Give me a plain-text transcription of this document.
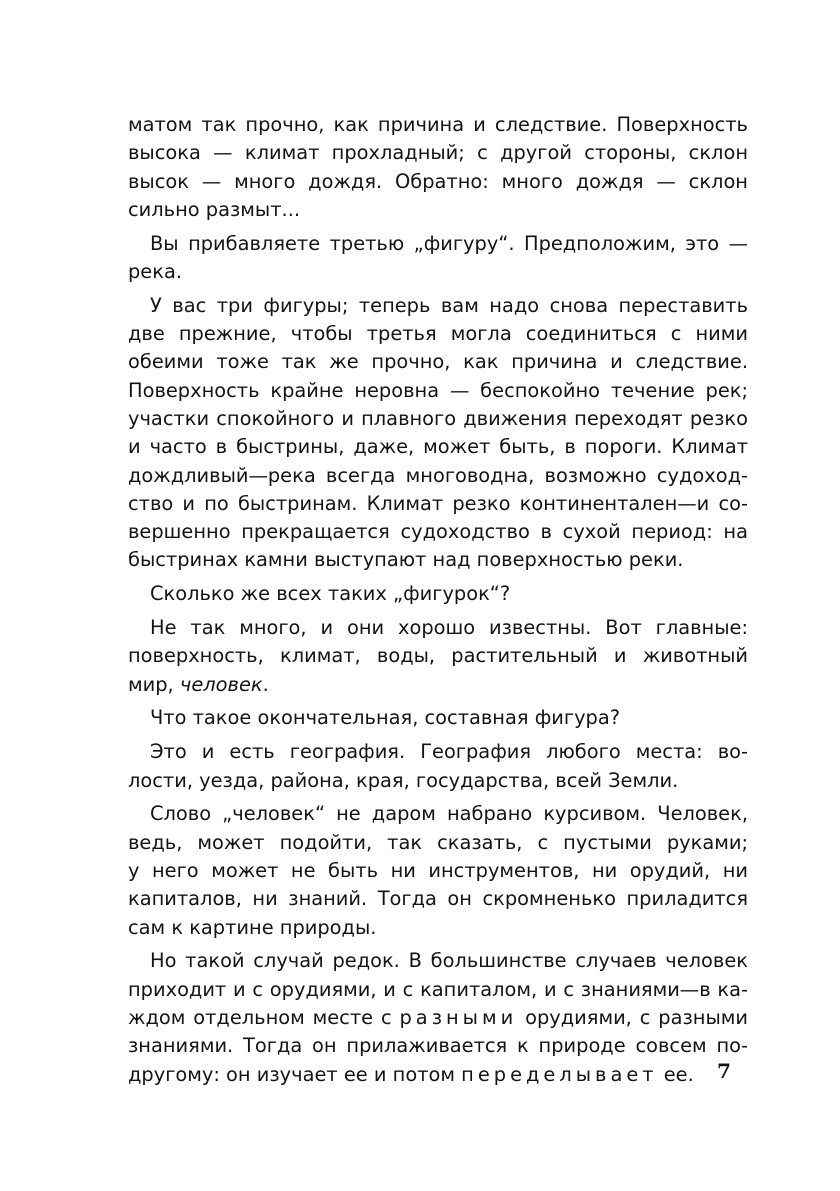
матом так прочно, как причина и следствие. Поверхность
высока — климат прохладный; с другой стороны, склон
высок — много дождя. Обратно: много дождя — склон
сильно размыт...
Вы прибавляете третью „фигуру“. Предположим, это —
река.
У вас три фигуры; теперь вам надо снова переставить
две прежние, чтобы третья могла соединиться с ними
обеими тоже так же прочно, как причина и следствие.
Поверхность крайне неровна — беспокойно течение рек;
участки спокойного и плавного движения переходят резко
и часто в быстрины, даже, может быть, в пороги. Климат
дождливый—река всегда многоводна, возможно судоход-
ство и по быстринам. Климат резко континентален—и со-
вершенно прекращается судоходство в сухой период: на
быстринах камни выступают над поверхностью реки.
Сколько же всех таких „фигурок“?
Не так много, и они хорошо известны. Вот главные:
поверхность, климат, воды, растительный и животный
мир, человек.
Что такое окончательная, составная фигура?
Это и есть география. География любого места: во-
лости, уезда, района, края, государства, всей Земли.
Слово „человек“ не даром набрано курсивом. Человек,
ведь, может подойти, так сказать, с пустыми руками;
у него может не быть ни инструментов, ни орудий, ни
капиталов, ни знаний. Тогда он скромненько приладится
сам к картине природы.
Но такой случай редок. В большинстве случаев человек
приходит и с орудиями, и с капиталом, и с знаниями—в ка-
ждом отдельном месте с разными орудиями, с разными
знаниями. Тогда он прилаживается к природе совсем по-
другому: он изучает ее и потом переделывает ее.	7
